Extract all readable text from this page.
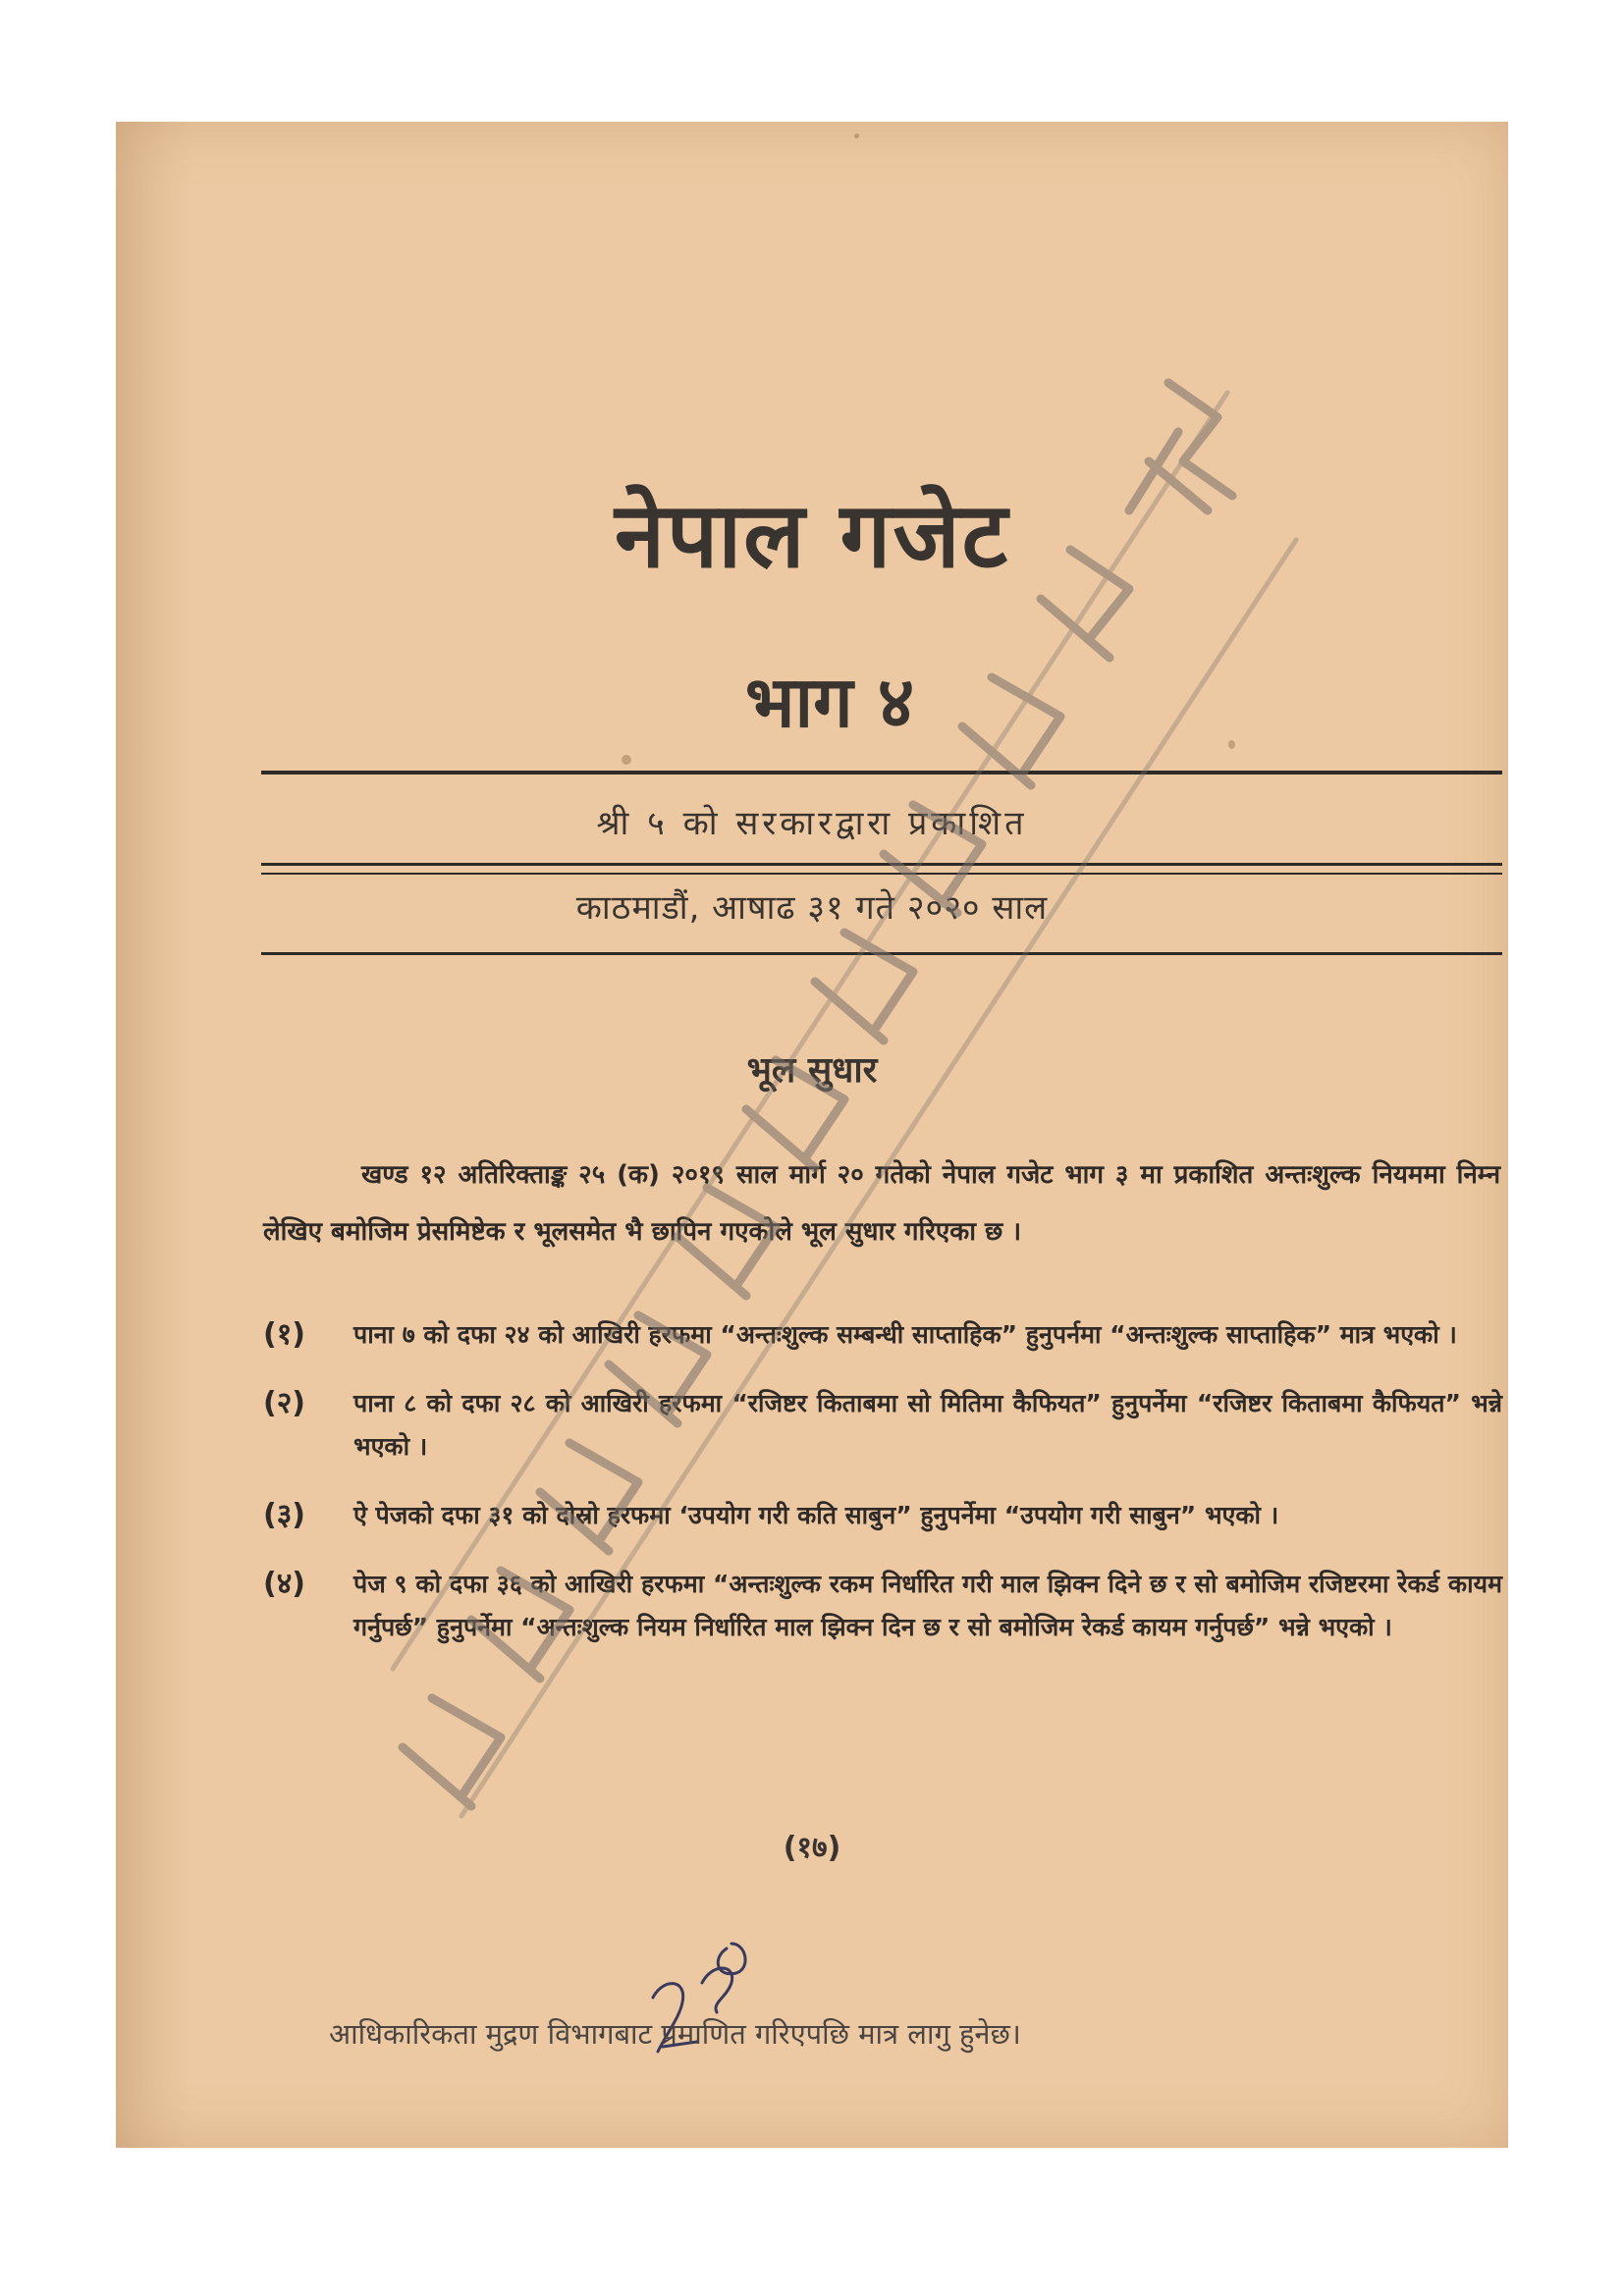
नेपाल गजेट
भाग ४
श्री ५ को सरकारद्वारा प्रकाशित
काठमाडौं, आषाढ ३१ गते २०२० साल
भूल सुधार

खण्ड १२ अतिरिक्ताङ्क २५ (क) २०१९ साल मार्ग २० गतेको नेपाल गजेट भाग ३ मा प्रकाशित अन्तःशुल्क नियममा निम्न लेखिए बमोजिम प्रेसमिष्टेक र भूलसमेत भै छापिन गएकोले भूल सुधार गरिएका छ ।

(१)	पाना ७ को दफा २४ को आखिरी हरफमा “अन्तःशुल्क सम्बन्धी साप्ताहिक” हुनुपर्नमा “अन्तःशुल्क साप्ताहिक” मात्र भएको ।
(२)	पाना ८ को दफा २८ को आखिरी हरफमा “रजिष्टर किताबमा सो मितिमा कैफियत” हुनुपर्नेमा “रजिष्टर किताबमा कैफियत” भन्ने भएको ।
(३)	ऐ पेजको दफा ३१ को दोस्रो हरफमा ‘उपयोग गरी कति साबुन” हुनुपर्नेमा “उपयोग गरी साबुन” भएको ।
(४)	पेज ९ को दफा ३६ को आखिरी हरफमा “अन्तःशुल्क रकम निर्धारित गरी माल झिक्न दिने छ र सो बमोजिम रजिष्टरमा रेकर्ड कायम गर्नुपर्छ” हुनुपर्नेमा “अन्तःशुल्क नियम निर्धारित माल झिक्न दिन छ र सो बमोजिम रेकर्ड कायम गर्नुपर्छ” भन्ने भएको ।
(१७)
आधिकारिकता मुद्रण विभागबाट प्रमाणित गरिएपछि मात्र लागु हुनेछ।
